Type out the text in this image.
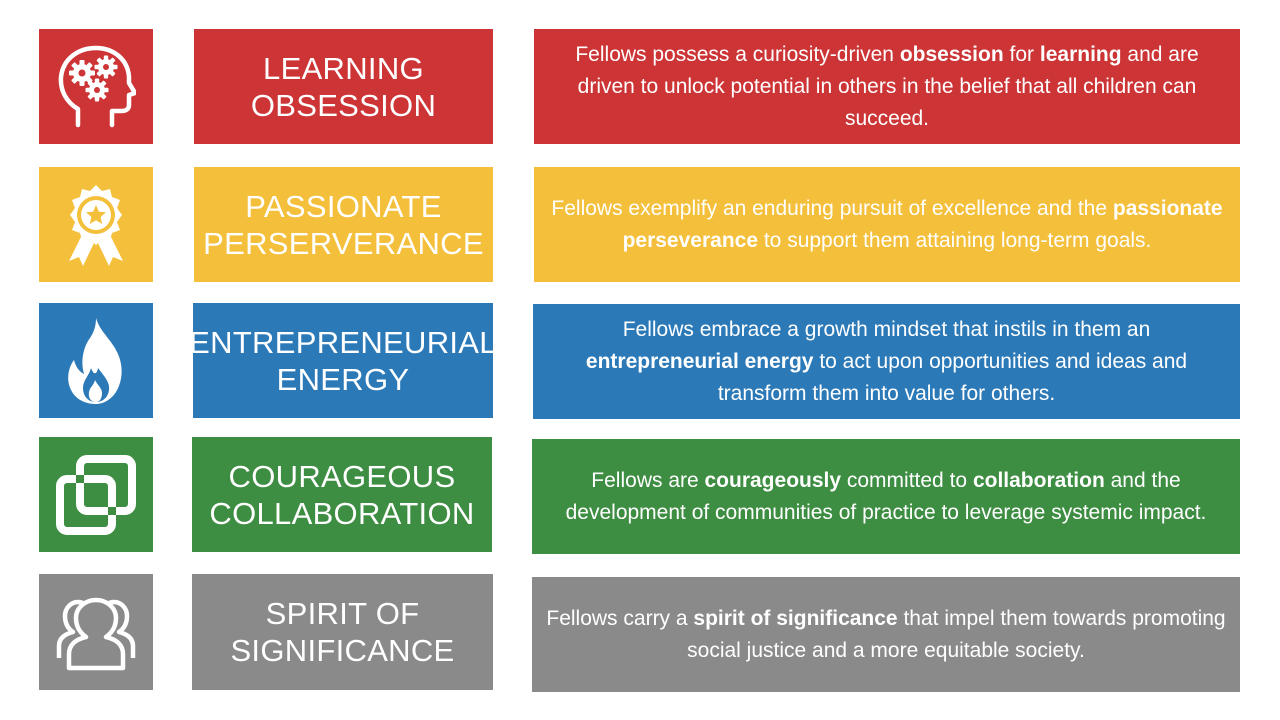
LEARNING
OBSESSION

Fellows possess a curiosity-driven obsession for learning and are driven to unlock potential in others in the belief that all children can succeed.

PASSIONATE
PERSERVERANCE

Fellows exemplify an enduring pursuit of excellence and the passionate perseverance to support them attaining long-term goals.

ENTREPRENEURIAL
ENERGY

Fellows embrace a growth mindset that instils in them an entrepreneurial energy to act upon opportunities and ideas and transform them into value for others.

COURAGEOUS
COLLABORATION

Fellows are courageously committed to collaboration and the development of communities of practice to leverage systemic impact.

SPIRIT OF
SIGNIFICANCE

Fellows carry a spirit of significance that impel them towards promoting social justice and a more equitable society.
